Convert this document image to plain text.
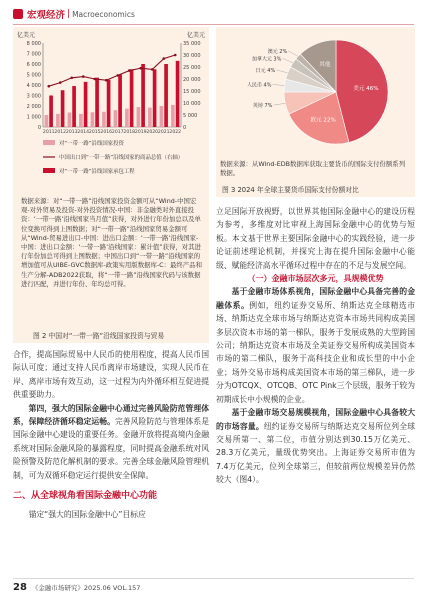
宏观经济 | Macroeconomics
亿美元	亿美元
8 000
7 000
6 000
5 000
4 000
3 000
2 000
1 000
0
35 000
30 000
25 000
20 000
15 000
10 000
5 000
0
2011 2012 2013 2014 2015 2016 2017 2018 2019 2020 2021 2022
对“一带一路”沿线国家投资
中国出口到“一带一路”沿线国家的商品总值（右轴）
对“一带一路”沿线国家承包工程
数据来源：对“一带一路”沿线国家投资金额可从“Wind-中国宏观-对外贸易及投资-对外投资情况-中国：非金融类对外直接投资：‘一带一路’沿线国家当月值”获得，对外进行年份加总以及单位变换可得到上图数据；对“一带一路”沿线国家贸易金额可从“Wind-贸易进出口-中国：进出口金额：‘一带一路’沿线国家-中国：进出口金额：‘一带一路’沿线国家：累计值”获得，对其进行年份加总可得到上图数据；中国出口到“一带一路”沿线国家的增加值可从UIBE-GVC数据库-政策实用版数据库-C：最终产品和生产分解-ADB2022获取，将“一带一路”沿线国家代码与该数据进行匹配，并进行年份、年均总可得。
图 2 中国对“一带一路”沿线国家投资与贸易
美元 46%
欧元 22%
英镑 7%
人民币 4%
日元 4%
加拿大元 3%
澳元 2%
其他
数据来源：从Wind-EDB数据库获取主要货币的国际支付份额系列数据。
图 3 2024 年全球主要货币国际支付份额对比

合作，提高国际贸易中人民币的使用程度，提高人民币国际认可度；通过支持人民币离岸市场建设，实现人民币在岸、离岸市场有效互动，这一过程为内外循环相互促进提供重要助力。

第四，强大的国际金融中心通过完善风险防范管理体系，保障经济循环稳定运畅。完善风险防范与管理体系是国际金融中心建设的重要任务。金融开放将提高境内金融系统对国际金融风险的暴露程度，同时提高金融系统对风险预警及防范化解机制的要求。完善全球金融风险管理机制，可为双循环稳定运行提供安全保障。

二、从全球视角看国际金融中心功能

锚定“强大的国际金融中心”目标应

立足国际开放视野，以世界其他国际金融中心的建设历程为参考，多维度对比审视上海国际金融中心的优势与短板。本文基于世界主要国际金融中心的实践经验，进一步论证前述理论机制，并探究上海在提升国际金融中心能级、赋能经济高水平循环过程中存在的不足与发展空间。

（一）金融市场层次多元，具规模优势

基于金融市场体系视角，国际金融中心具备完善的金融体系。例如，纽约证券交易所、纳斯达克全球精选市场、纳斯达克全球市场与纳斯达克资本市场共同构成美国多层次资本市场的第一梯队，服务于发展成熟的大型跨国公司；纳斯达克资本市场及全美证券交易所构成美国资本市场的第二梯队，服务于高科技企业和成长型的中小企业；场外交易市场构成美国资本市场的第三梯队，进一步分为OTCQX、OTCQB、OTC Pink三个层级，服务于较为初期成长中小规模的企业。

基于金融市场交易规模视角，国际金融中心具备较大的市场容量。纽约证券交易所与纳斯达克交易所位列全球交易所第一、第二位，市值分别达到30.15万亿美元、28.3万亿美元，量级优势突出。上海证券交易所市值为7.4万亿美元，位列全球第三，但较前两位规模差异仍然较大（图4）。

28 《金融市场研究》2025.06 VOL.157
